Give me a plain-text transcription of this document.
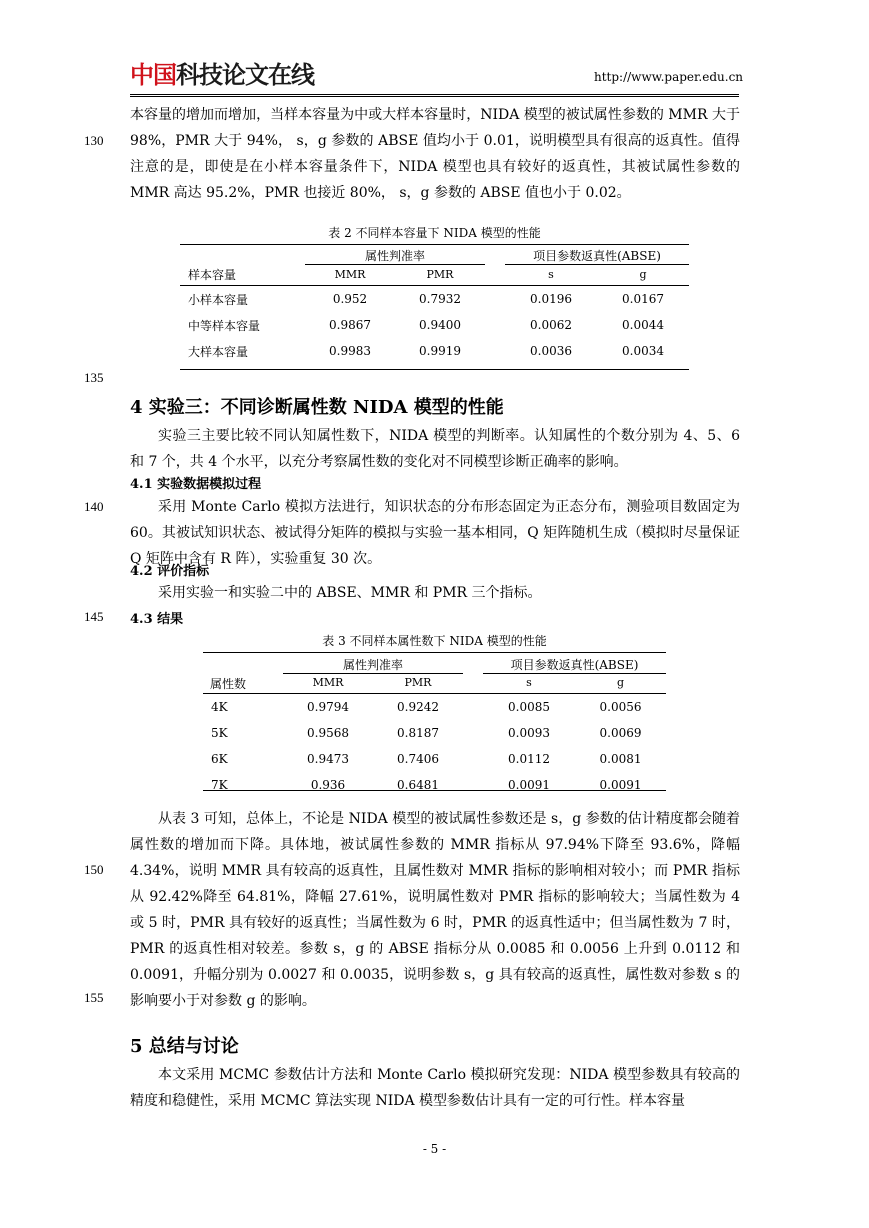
中国科技论文在线	http://www.paper.edu.cn

本容量的增加而增加，当样本容量为中或大样本容量时，NIDA 模型的被试属性参数的 MMR 大于 98%，PMR 大于 94%， s，g 参数的 ABSE 值均小于 0.01，说明模型具有很高的返真性。值得注意的是，即使是在小样本容量条件下，NIDA 模型也具有较好的返真性，其被试属性参数的 MMR 高达 95.2%，PMR 也接近 80%， s，g 参数的 ABSE 值也小于 0.02。

130
表 2 不同样本容量下 NIDA 模型的性能
属性判准率	项目参数返真性(ABSE)
样本容量	MMR	PMR	s	g
小样本容量	0.952	0.7932		0.0196	0.0167
中等样本容量	0.9867	0.9400		0.0062	0.0044
大样本容量	0.9983	0.9919		0.0036	0.0034
135
4 实验三：不同诊断属性数 NIDA 模型的性能

实验三主要比较不同认知属性数下，NIDA 模型的判断率。认知属性的个数分别为 4、5、6 和 7 个，共 4 个水平，以充分考察属性数的变化对不同模型诊断正确率的影响。

4.1 实验数据模拟过程

采用 Monte Carlo 模拟方法进行，知识状态的分布形态固定为正态分布，测验项目数固定为 60。其被试知识状态、被试得分矩阵的模拟与实验一基本相同，Q 矩阵随机生成（模拟时尽量保证 Q 矩阵中含有 R 阵），实验重复 30 次。

140
4.2 评价指标

采用实验一和实验二中的 ABSE、MMR 和 PMR 三个指标。

4.3 结果
145
表 3 不同样本属性数下 NIDA 模型的性能
属性判准率	项目参数返真性(ABSE)
属性数	MMR	PMR	s	g
4K	0.9794	0.9242		0.0085	0.0056
5K	0.9568	0.8187		0.0093	0.0069
6K	0.9473	0.7406		0.0112	0.0081
7K	0.936	0.6481		0.0091	0.0091

从表 3 可知，总体上，不论是 NIDA 模型的被试属性参数还是 s，g 参数的估计精度都会随着属性数的增加而下降。具体地，被试属性参数的 MMR 指标从 97.94%下降至 93.6%，降幅 4.34%，说明 MMR 具有较高的返真性，且属性数对 MMR 指标的影响相对较小；而 PMR 指标从 92.42%降至 64.81%，降幅 27.61%，说明属性数对 PMR 指标的影响较大；当属性数为 4 或 5 时，PMR 具有较好的返真性；当属性数为 6 时，PMR 的返真性适中；但当属性数为 7 时，PMR 的返真性相对较差。参数 s，g 的 ABSE 指标分从 0.0085 和 0.0056 上升到 0.0112 和 0.0091，升幅分别为 0.0027 和 0.0035，说明参数 s，g 具有较高的返真性，属性数对参数 s 的影响要小于对参数 g 的影响。

150
155
5 总结与讨论

本文采用 MCMC 参数估计方法和 Monte Carlo 模拟研究发现：NIDA 模型参数具有较高的精度和稳健性，采用 MCMC 算法实现 NIDA 模型参数估计具有一定的可行性。样本容量

- 5 -
